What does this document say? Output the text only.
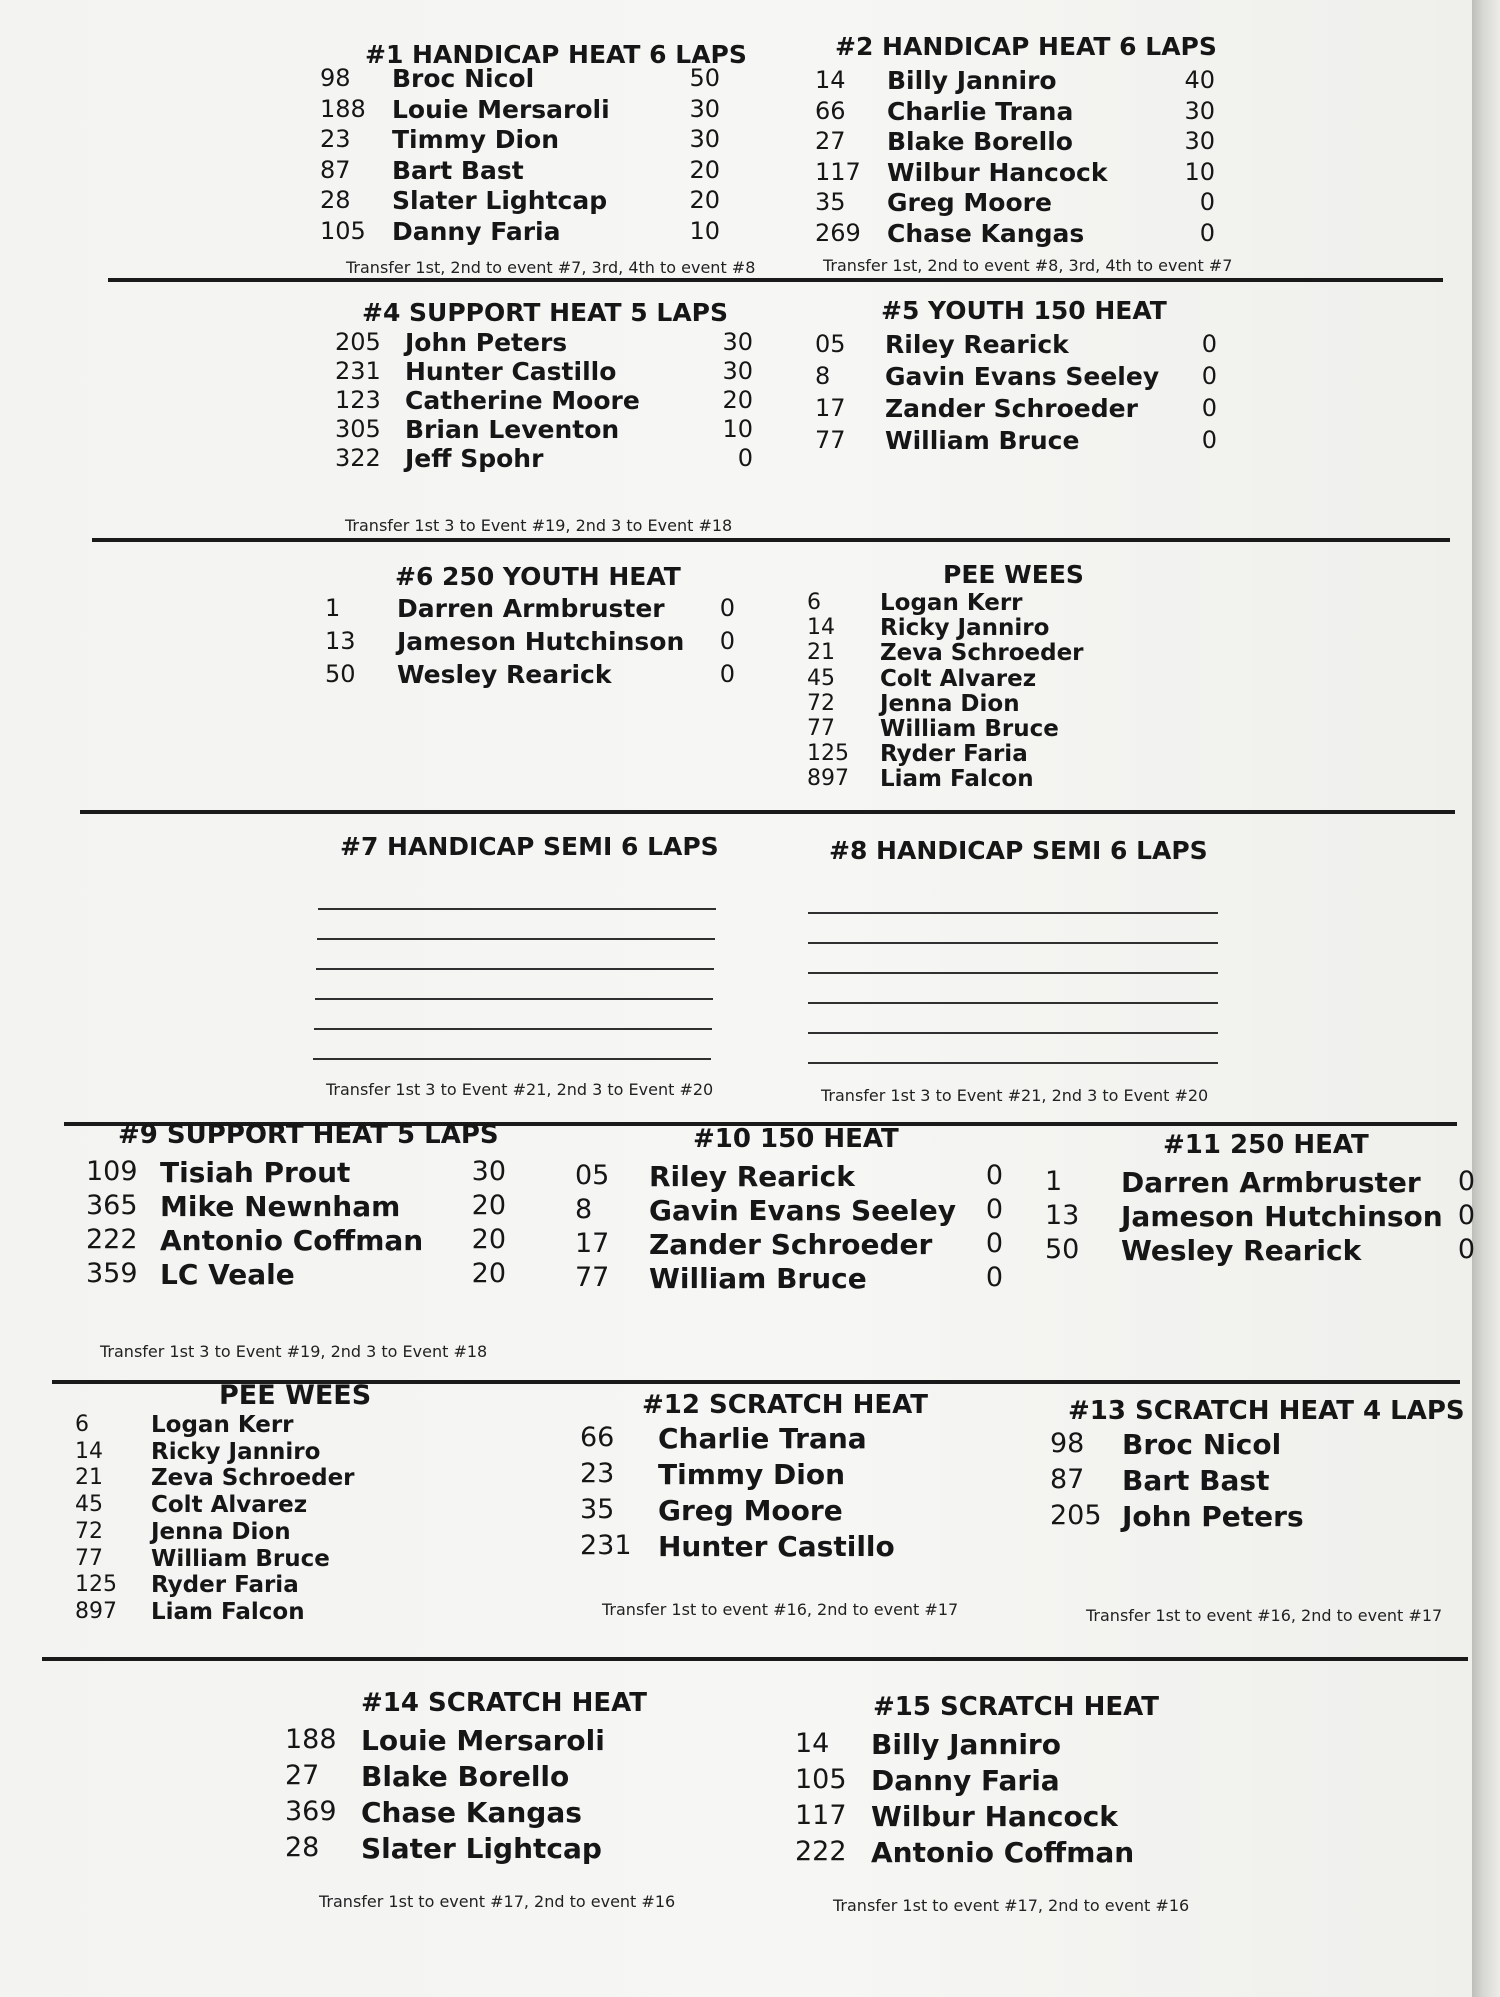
#1 HANDICAP HEAT 6 LAPS
98 Broc Nicol	50
188 Louie Mersaroli	30
23 Timmy Dion	30
87 Bart Bast	20
28 Slater Lightcap	20
105 Danny Faria	10
Transfer 1st, 2nd to event #7, 3rd, 4th to event #8
#2 HANDICAP HEAT 6 LAPS
14 Billy Janniro	40
66 Charlie Trana	30
27 Blake Borello	30
117 Wilbur Hancock	10
35 Greg Moore	0
269 Chase Kangas	0
Transfer 1st, 2nd to event #8, 3rd, 4th to event #7
#4 SUPPORT HEAT 5 LAPS
205 John Peters	30
231 Hunter Castillo	30
123 Catherine Moore	20
305 Brian Leventon	10
322 Jeff Spohr	0
Transfer 1st 3 to Event #19, 2nd 3 to Event #18
#5 YOUTH 150 HEAT
05 Riley Rearick	0
8 Gavin Evans Seeley	0
17 Zander Schroeder	0
77 William Bruce	0
#6 250 YOUTH HEAT
1 Darren Armbruster	0
13 Jameson Hutchinson	0
50 Wesley Rearick	0
PEE WEES
6	Logan Kerr
14 Ricky Janniro
21 Zeva Schroeder
45 Colt Alvarez
72 Jenna Dion
77 William Bruce
125 Ryder Faria
897 Liam Falcon
#7 HANDICAP SEMI 6 LAPS
Transfer 1st 3 to Event #21, 2nd 3 to Event #20
#8 HANDICAP SEMI 6 LAPS
Transfer 1st 3 to Event #21, 2nd 3 to Event #20
#9 SUPPORT HEAT 5 LAPS
109 Tisiah Prout	30
365 Mike Newnham	20
222 Antonio Coffman 20
359 LC Veale	20
Transfer 1st 3 to Event #19, 2nd 3 to Event #18
#10 150 HEAT
05 Riley Rearick	0
8 Gavin Evans Seeley	0
17 Zander Schroeder	0
77 William Bruce	0
#11 250 HEAT
1 Darren Armbruster	0
13 Jameson Hutchinson 0
50 Wesley Rearick	0
PEE WEES
6	Logan Kerr
14 Ricky Janniro
21 Zeva Schroeder
45 Colt Alvarez
72 Jenna Dion
77 William Bruce
125 Ryder Faria
897 Liam Falcon
#12 SCRATCH HEAT
66 Charlie Trana
23 Timmy Dion
35 Greg Moore
231 Hunter Castillo
Transfer 1st to event #16, 2nd to event #17
#13 SCRATCH HEAT 4 LAPS
98 Broc Nicol
87 Bart Bast
205 John Peters
Transfer 1st to event #16, 2nd to event #17
#14 SCRATCH HEAT
188 Louie Mersaroli
27 Blake Borello
369 Chase Kangas
28 Slater Lightcap
Transfer 1st to event #17, 2nd to event #16
#15 SCRATCH HEAT
14 Billy Janniro
105 Danny Faria
117 Wilbur Hancock
222 Antonio Coffman
Transfer 1st to event #17, 2nd to event #16
